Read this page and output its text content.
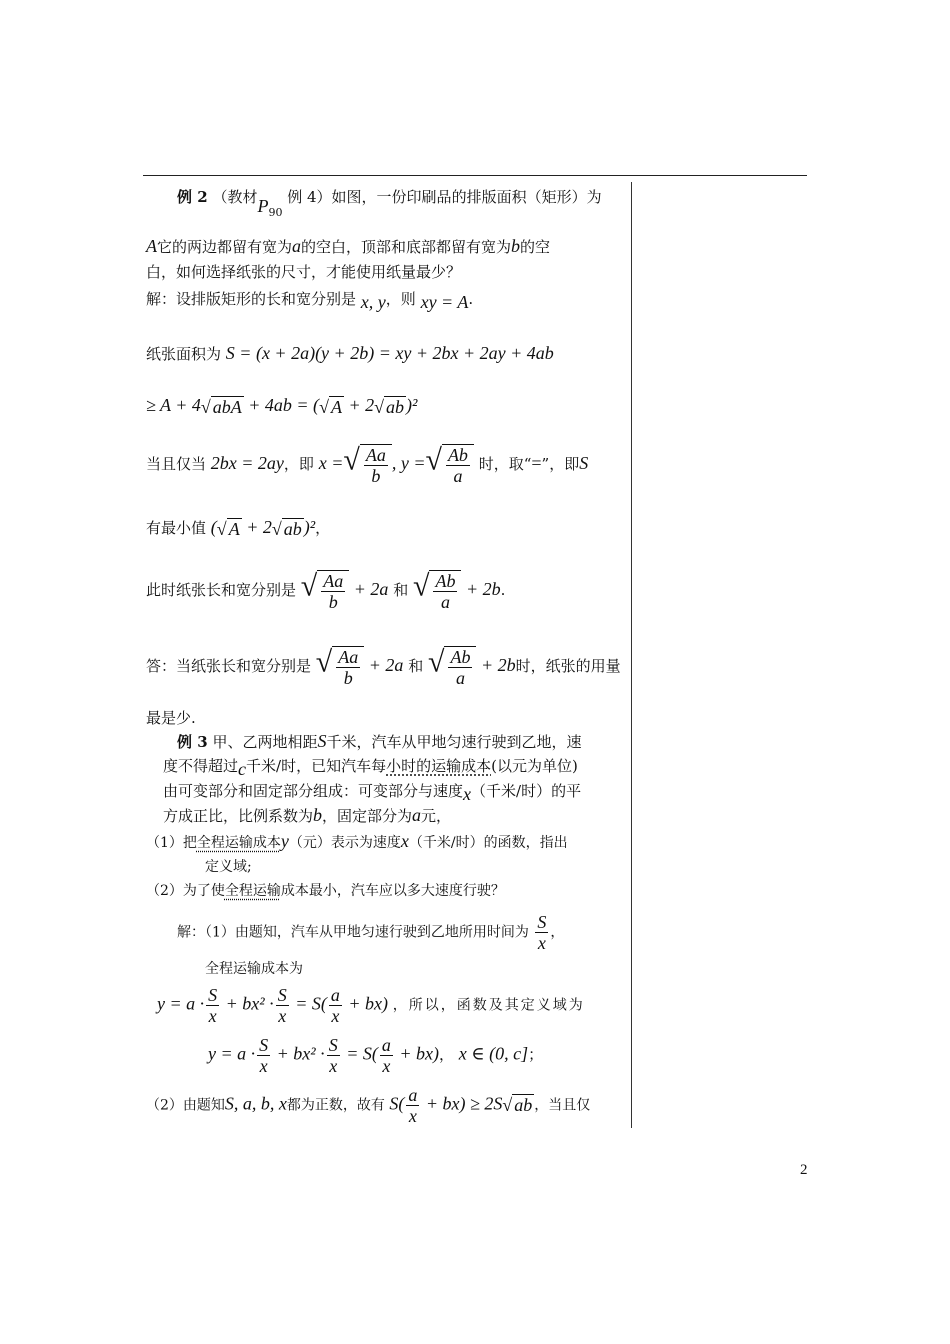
例 2 （教材$P_{90}$ 例 4）如图，一份印刷品的排版面积（矩形）为
A它的两边都留有宽为a的空白，顶部和底部都留有宽为b的空
白，如何选择纸张的尺寸，才能使用纸量最少？
解：设排版矩形的长和宽分别是 x, y，则 xy = A.
纸张面积为 S = (x + 2a)(y + 2b) = xy + 2bx + 2ay + 4ab
≥ A + 4√ abA + 4ab = (√ A + 2√ ab )²
当且仅当 2bx = 2ay，即 x =√ $\frac{Aa}{b}$ , y =√ $\frac{Ab}{a}$ 时，取“=”，即S
有最小值 (√ A + 2√ ab )²，
此时纸张长和宽分别是 √ $\frac{Aa}{b} + 2a$ 和 √ $\frac{Ab}{a} + 2b$.
答：当纸张长和宽分别是 √ $\frac{Aa}{b} + 2a$ 和 √ $\frac{Ab}{a} + 2b$时，纸张的用量
最是少.
例 3 甲、乙两地相距S千米，汽车从甲地匀速行驶到乙地，速
度不得超过c千米/时，已知汽车每小时的运输成本(以元为单位)
由可变部分和固定部分组成：可变部分与速度x（千米/时）的平
方成正比，比例系数为b，固定部分为a元，
（1）把全程运输成本y（元）表示为速度x（千米/时）的函数，指出
定义域;
（2）为了使全程运输成本最小，汽车应以多大速度行驶？
解：（1）由题知，汽车从甲地匀速行驶到乙地所用时间为 $\frac{S}{x}$ ，
全程运输成本为
$y = a \cdot \frac{S}{x} + bx^2 \cdot \frac{S}{x} = S( \frac{a}{x} + bx)$ ，所以，函数及其定义域为
$y = a \cdot \frac{S}{x} + bx^2 \cdot \frac{S}{x} = S( \frac{a}{x} + bx)$， x ∈ (0, c]；
（2）由题知S, a, b, x都为正数，故有 $S( \frac{a}{x} + bx) \ge 2S√$ ab ，当且仅
2
